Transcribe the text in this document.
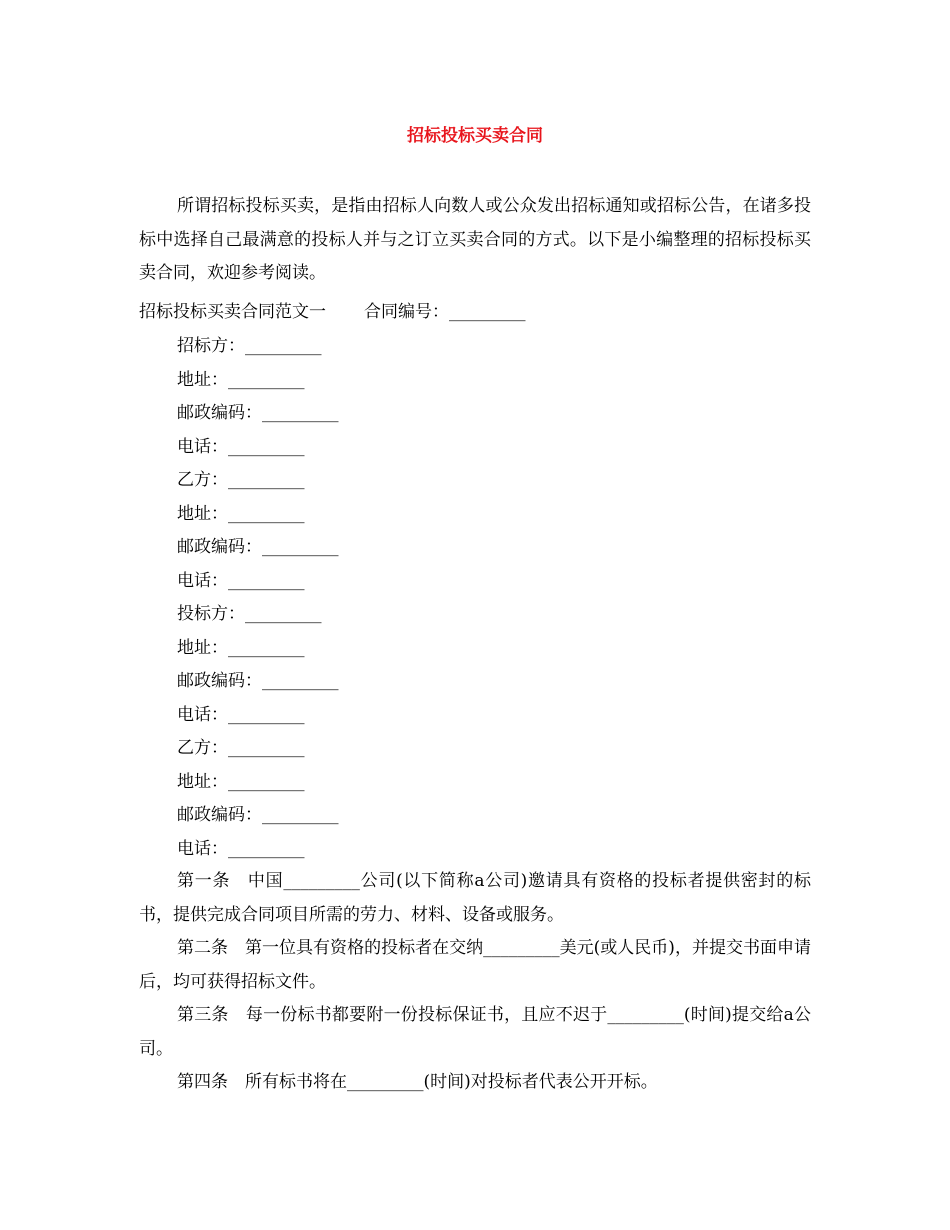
招标投标买卖合同

所谓招标投标买卖，是指由招标人向数人或公众发出招标通知或招标公告，在诸多投标中选择自己最满意的投标人并与之订立买卖合同的方式。以下是小编整理的招标投标买卖合同，欢迎参考阅读。

招标投标买卖合同范文一 合同编号：_________
招标方：_________
地址：_________
邮政编码：_________
电话：_________
乙方：_________
地址：_________
邮政编码：_________
电话：_________
投标方：_________
地址：_________
邮政编码：_________
电话：_________
乙方：_________
地址：_________
邮政编码：_________
电话：_________

第一条　中国_________公司(以下简称a公司)邀请具有资格的投标者提供密封的标书，提供完成合同项目所需的劳力、材料、设备或服务。

第二条　第一位具有资格的投标者在交纳_________美元(或人民币)，并提交书面申请后，均可获得招标文件。

第三条　每一份标书都要附一份投标保证书，且应不迟于_________(时间)提交给a公司。

第四条　所有标书将在_________(时间)对投标者代表公开开标。
